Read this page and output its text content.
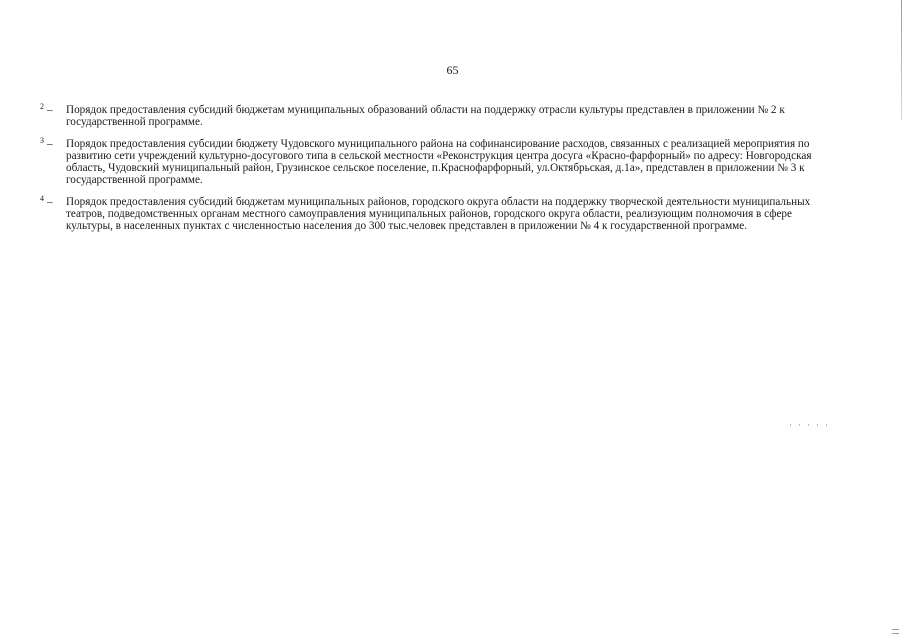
65
$^2$ – Порядок предоставления субсидий бюджетам муниципальных образований области на поддержку отрасли культуры представлен в приложении № 2 к государственной программе.
$^3$ – Порядок предоставления субсидии бюджету Чудовского муниципального района на софинансирование расходов, связанных с реализацией мероприятия по развитию сети учреждений культурно-досугового типа в сельской местности «Реконструкция центра досуга «Красно-фарфорный» по адресу: Новгородская область, Чудовский муниципальный район, Грузинское сельское поселение, п.Краснофарфорный, ул.Октябрьская, д.1а», представлен в приложении № 3 к государственной программе.
$^4$ – Порядок предоставления субсидий бюджетам муниципальных районов, городского округа области на поддержку творческой деятельности муниципальных театров, подведомственных органам местного самоуправления муниципальных районов, городского округа области, реализующим полномочия в сфере культуры, в населенных пунктах с численностью населения до 300 тыс.человек представлен в приложении № 4 к государственной программе.
